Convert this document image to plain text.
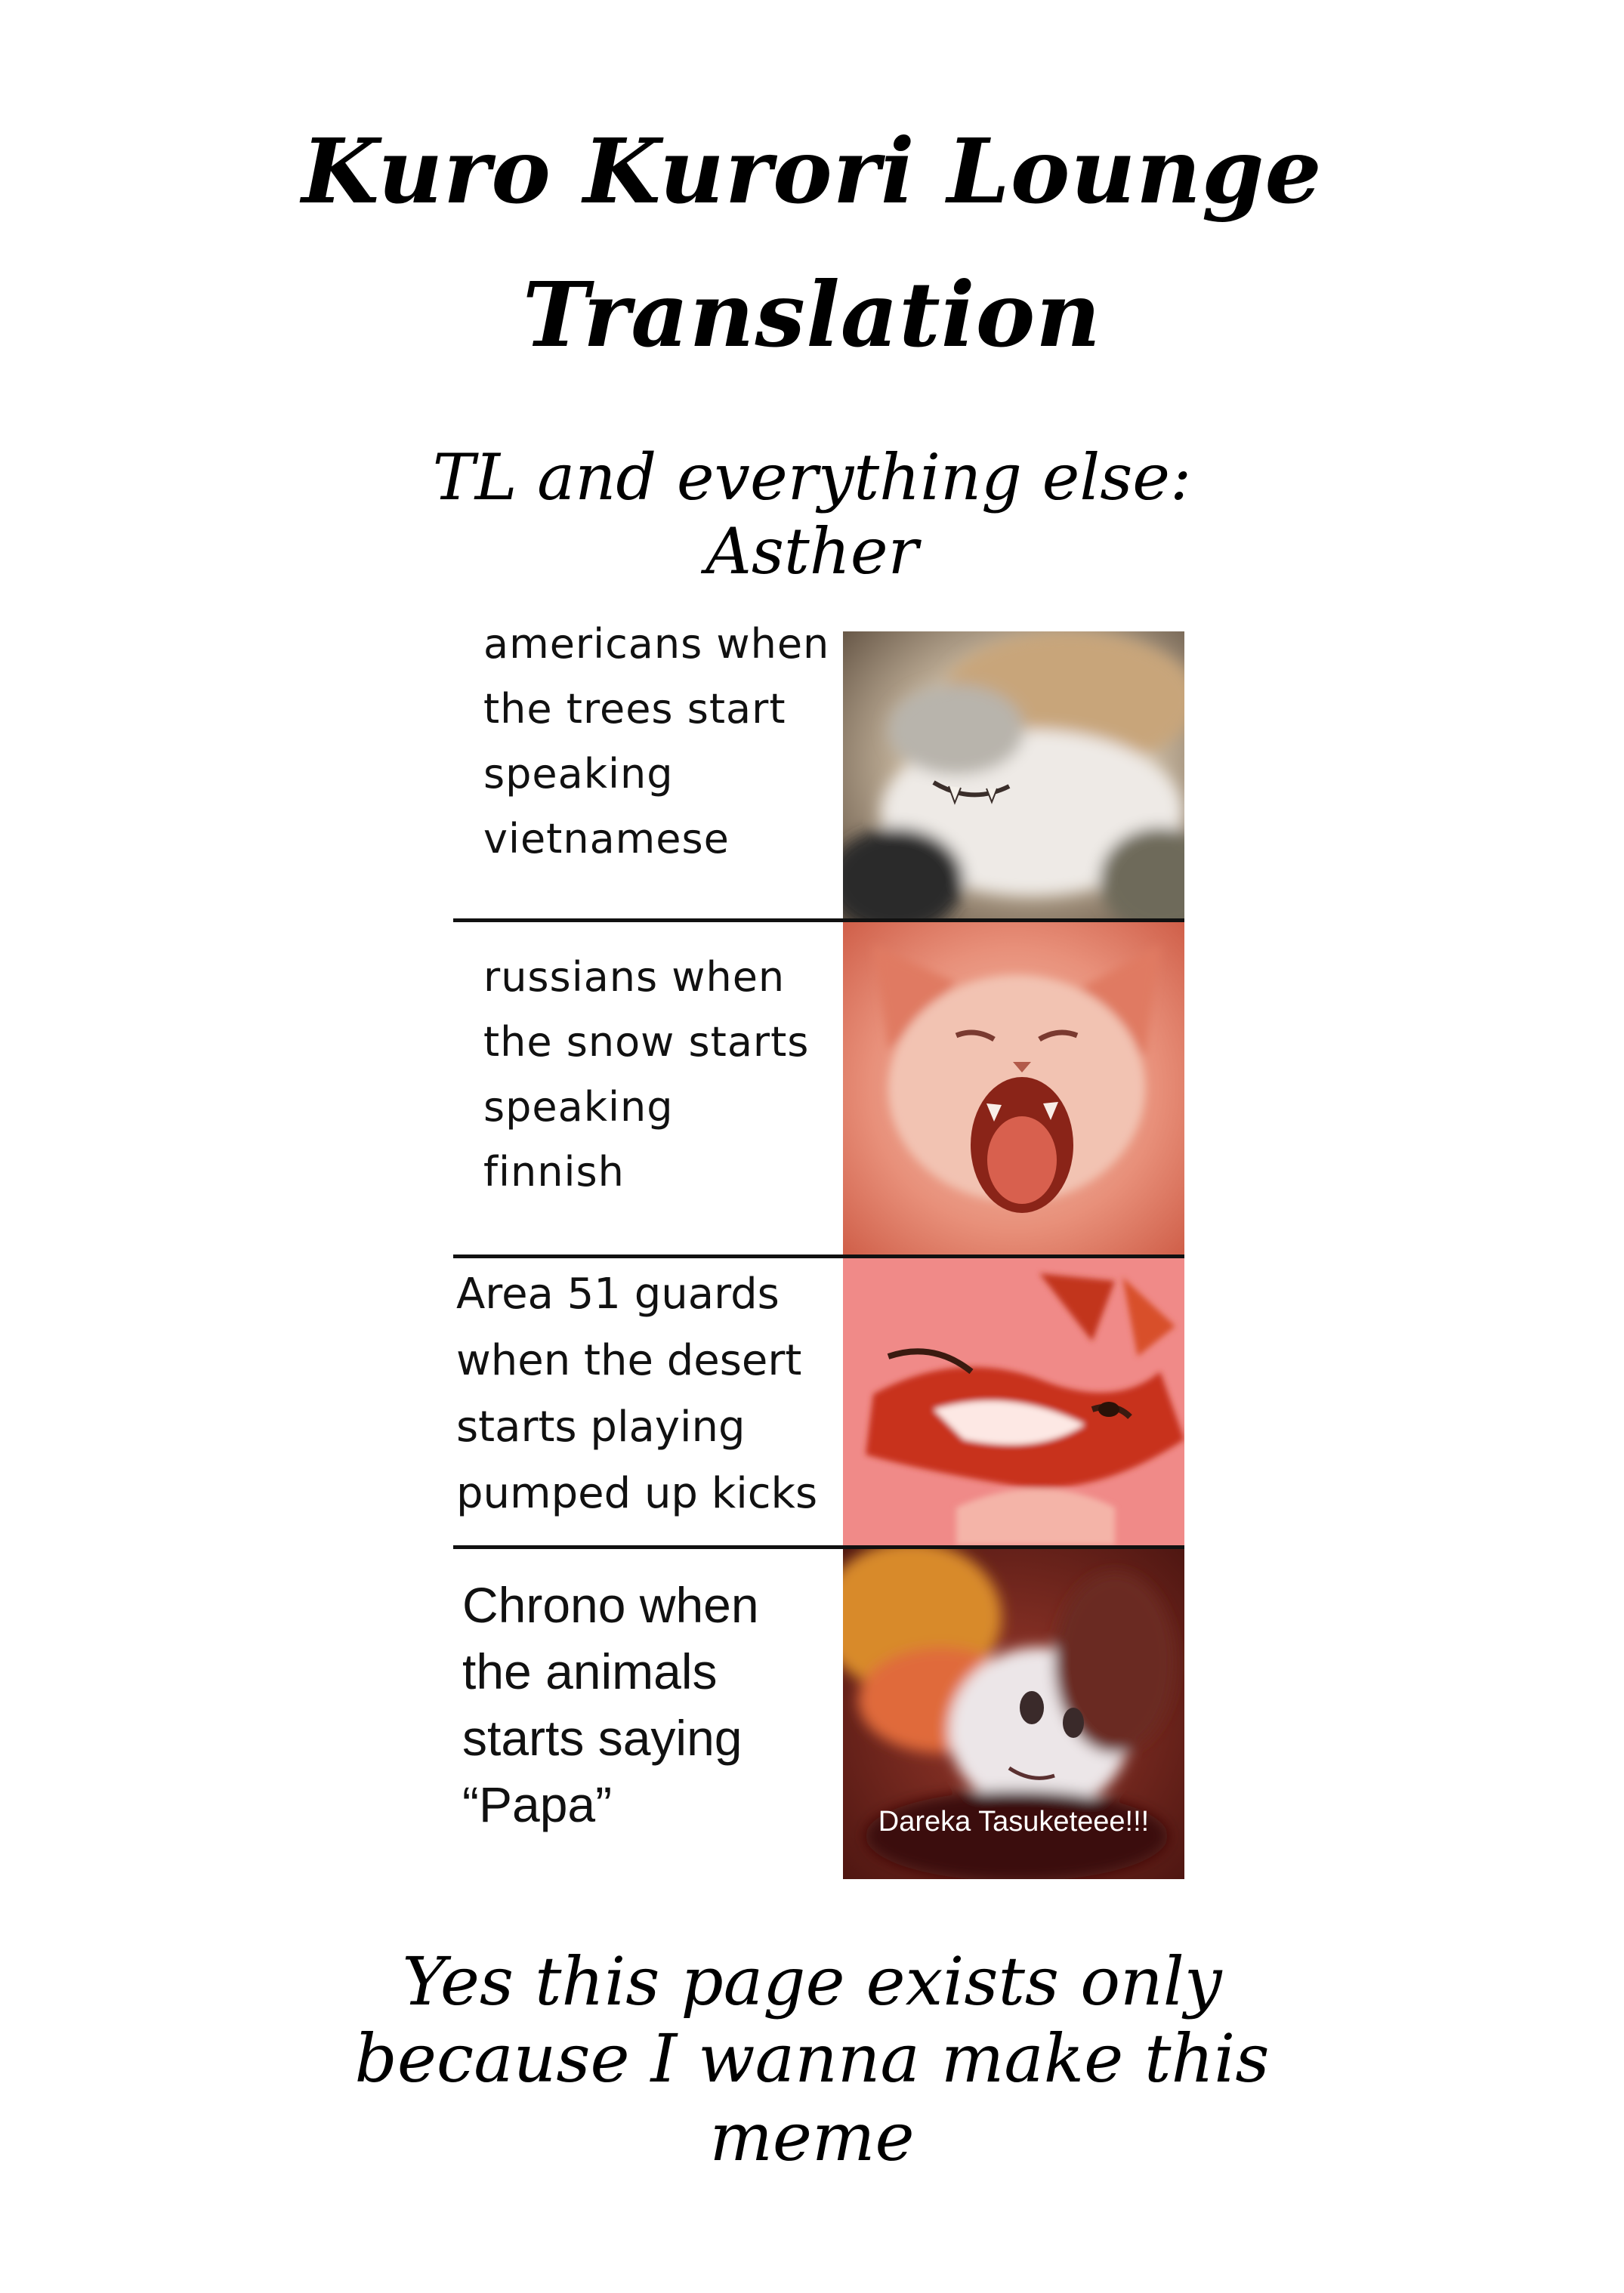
Kuro Kurori Lounge
Translation
TL and everything else:
Asther
americans when
the trees start
speaking
vietnamese
russians when
the snow starts
speaking
finnish
Area 51 guards
when the desert
starts playing
pumped up kicks
Chrono when
the animals
starts saying
“Papa”	Dareka Tasuketeee!!!
Yes this page exists only
because I wanna make this
meme
